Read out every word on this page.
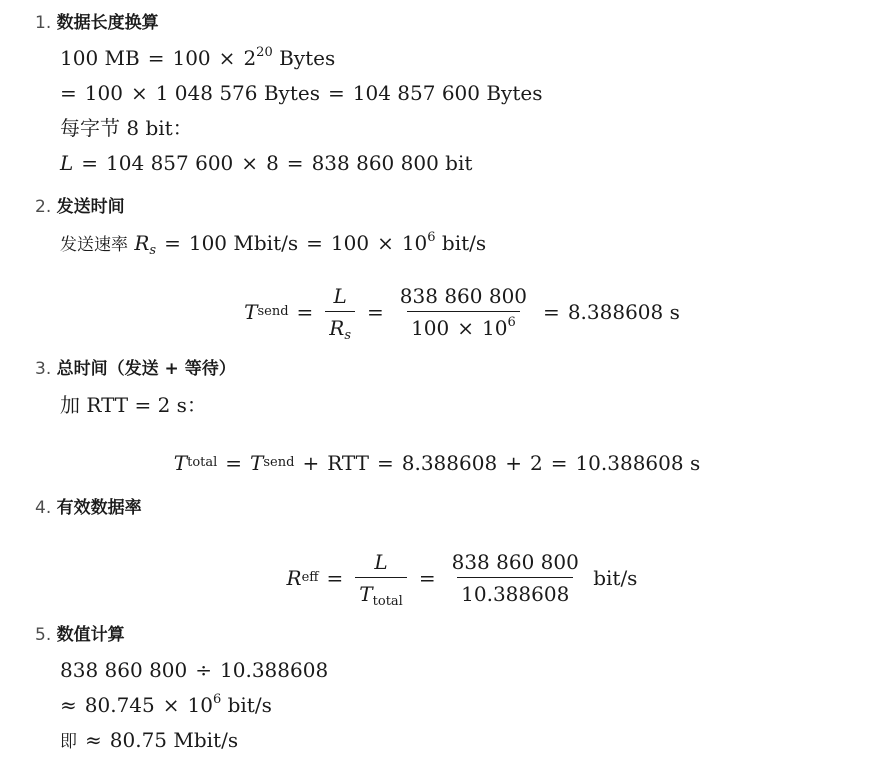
1. 数据长度换算
100 MB = $100 \times 2^{20}$ Bytes
= 100 × 1 048 576 Bytes = 104 857 600 Bytes
每字节 8 bit：
L = 104 857 600 × 8 = 838 860 800 bit
2. 发送时间
发送速率 $R_s = 100$ Mbit/s = $100 \times 10^6$ bit/s
T send = $\frac{L}{R_s} = \frac{838 860 800}{100 \times 10^6} = 8.388608$ s
3. 总时间（发送 + 等待）
加 RTT = 2 s：
T total = T send + RTT = 8.388608 + 2 = 10.388608 s
4. 有效数据率
R eff = $\frac{L}{T_{total}} = \frac{838 860 800}{10.388608}$
bit/s
5. 数值计算
838 860 800 ÷ 10.388608
≈ $80.745 \times 10^6$ bit/s
即 ≈ 80.75 Mbit/s
